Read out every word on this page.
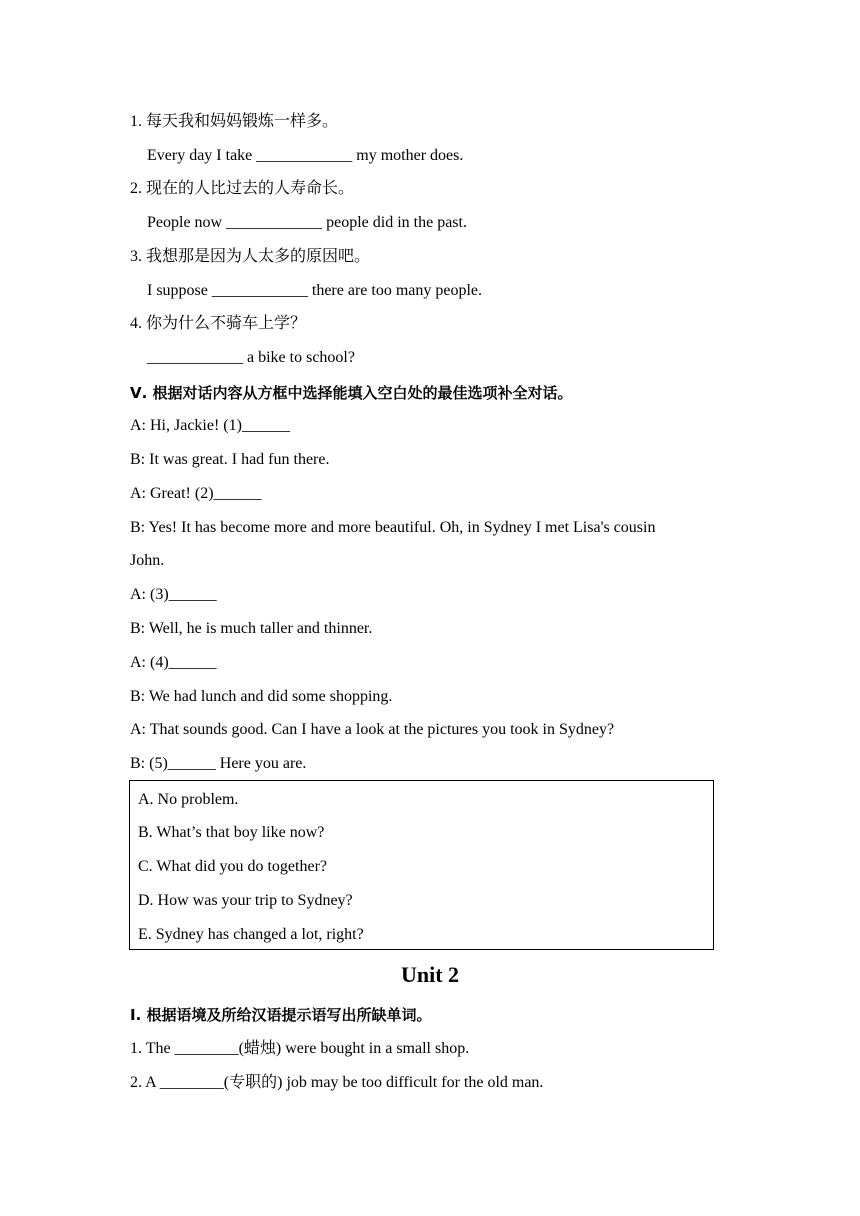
1. 每天我和妈妈锻炼一样多。
Every day I take ____________ my mother does.
2. 现在的人比过去的人寿命长。
People now ____________ people did in the past.
3. 我想那是因为人太多的原因吧。
I suppose ____________ there are too many people.
4. 你为什么不骑车上学？
____________ a bike to school?
Ⅴ. 根据对话内容从方框中选择能填入空白处的最佳选项补全对话。
A: Hi, Jackie! (1)______
B: It was great. I had fun there.
A: Great! (2)______
B: Yes! It has become more and more beautiful. Oh, in Sydney I met Lisa's cousin
John.
A: (3)______
B: Well, he is much taller and thinner.
A: (4)______
B: We had lunch and did some shopping.
A: That sounds good. Can I have a look at the pictures you took in Sydney?
B: (5)______ Here you are.
A. No problem.
B. What’s that boy like now?
C. What did you do together?
D. How was your trip to Sydney?
E. Sydney has changed a lot, right?
Unit 2
Ⅰ. 根据语境及所给汉语提示语写出所缺单词。
1. The ________(蜡烛) were bought in a small shop.
2. A ________(专职的) job may be too difficult for the old man.
